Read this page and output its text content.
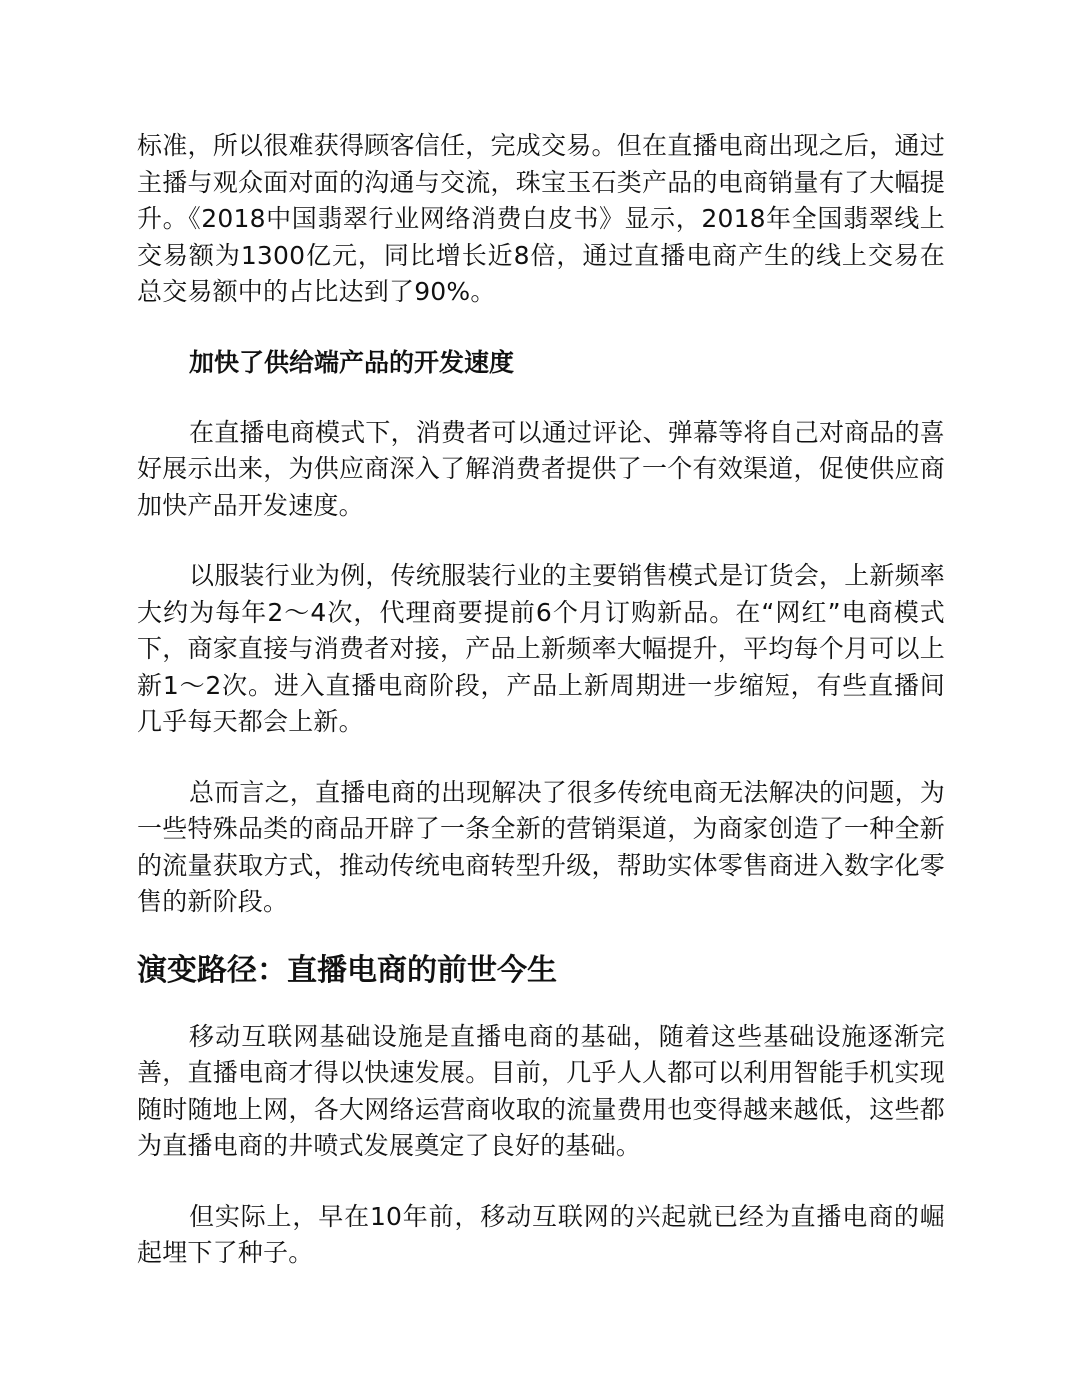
标准，所以很难获得顾客信任，完成交易。但在直播电商出现之后，通过主播与观众面对面的沟通与交流，珠宝玉石类产品的电商销量有了大幅提升。《2018中国翡翠行业网络消费白皮书》显示，2018年全国翡翠线上交易额为1300亿元，同比增长近8倍，通过直播电商产生的线上交易在总交易额中的占比达到了90%。

加快了供给端产品的开发速度

在直播电商模式下，消费者可以通过评论、弹幕等将自己对商品的喜好展示出来，为供应商深入了解消费者提供了一个有效渠道，促使供应商加快产品开发速度。

以服装行业为例，传统服装行业的主要销售模式是订货会，上新频率大约为每年2～4次，代理商要提前6个月订购新品。在“网红”电商模式下，商家直接与消费者对接，产品上新频率大幅提升，平均每个月可以上新1～2次。进入直播电商阶段，产品上新周期进一步缩短，有些直播间几乎每天都会上新。

总而言之，直播电商的出现解决了很多传统电商无法解决的问题，为一些特殊品类的商品开辟了一条全新的营销渠道，为商家创造了一种全新的流量获取方式，推动传统电商转型升级，帮助实体零售商进入数字化零售的新阶段。

演变路径：直播电商的前世今生

移动互联网基础设施是直播电商的基础，随着这些基础设施逐渐完善，直播电商才得以快速发展。目前，几乎人人都可以利用智能手机实现随时随地上网，各大网络运营商收取的流量费用也变得越来越低，这些都为直播电商的井喷式发展奠定了良好的基础。

但实际上，早在10年前，移动互联网的兴起就已经为直播电商的崛起埋下了种子。
